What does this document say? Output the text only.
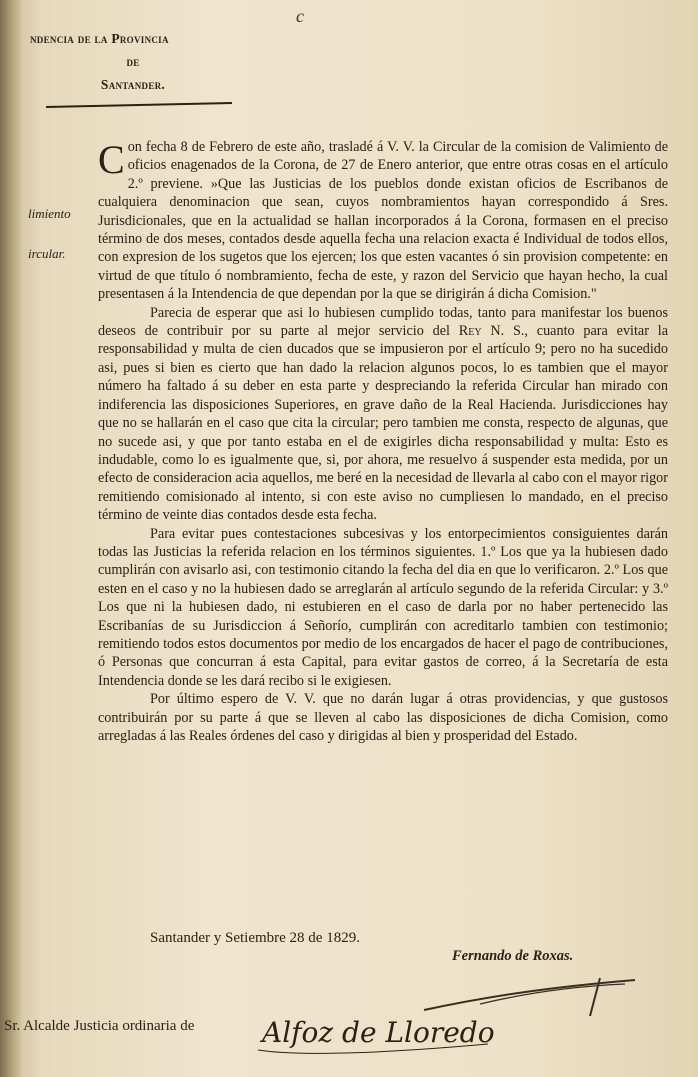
c
ndencia de la Provincia
de
Santander.
limiento
ircular.

Con fecha 8 de Febrero de este año, trasladé á V. V. la Circular de la comision de Valimiento de oficios enagenados de la Corona, de 27 de Enero anterior, que entre otras cosas en el artículo 2.º previene. »Que las Justicias de los pueblos donde existan oficios de Escribanos de cualquiera denominacion que sean, cuyos nombramientos hayan correspondido á Sres. Jurisdicionales, que en la actualidad se hallan incorporados á la Corona, formasen en el preciso término de dos meses, contados desde aquella fecha una relacion exacta é Individual de todos ellos, con expresion de los sugetos que los ejercen; los que esten vacantes ó sin provision competente: en virtud de que título ó nombramiento, fecha de este, y razon del Servicio que hayan hecho, la cual presentasen á la Intendencia de que dependan por la que se dirigirán á dicha Comision."

Parecia de esperar que asi lo hubiesen cumplido todas, tanto para manifestar los buenos deseos de contribuir por su parte al mejor servicio del Rey N. S., cuanto para evitar la responsabilidad y multa de cien ducados que se impusieron por el artículo 9; pero no ha sucedido asi, pues si bien es cierto que han dado la relacion algunos pocos, lo es tambien que el mayor número ha faltado á su deber en esta parte y despreciando la referida Circular han mirado con indiferencia las disposiciones Superiores, en grave daño de la Real Hacienda. Jurisdicciones hay que no se hallarán en el caso que cita la circular; pero tambien me consta, respecto de algunas, que no sucede asi, y que por tanto estaba en el de exigirles dicha responsabilidad y multa: Esto es indudable, como lo es igualmente que, si, por ahora, me resuelvo á suspender esta medida, por un efecto de consideracion acia aquellos, me beré en la necesidad de llevarla al cabo con el mayor rigor remitiendo comisionado al intento, si con este aviso no cumpliesen lo mandado, en el preciso término de veinte dias contados desde esta fecha.

Para evitar pues contestaciones subcesivas y los entorpecimientos consiguientes darán todas las Justicias la referida relacion en los términos siguientes. 1.º Los que ya la hubiesen dado cumplirán con avisarlo asi, con testimonio citando la fecha del dia en que lo verificaron. 2.º Los que esten en el caso y no la hubiesen dado se arreglarán al artículo segundo de la referida Circular: y 3.º Los que ni la hubiesen dado, ni estubieren en el caso de darla por no haber pertenecido las Escribanías de su Jurisdiccion á Señorío, cumplirán con acreditarlo tambien con testimonio; remitiendo todos estos documentos por medio de los encargados de hacer el pago de contribuciones, ó Personas que concurran á esta Capital, para evitar gastos de correo, á la Secretaría de esta Intendencia donde se les dará recibo si le exigiesen.

Por último espero de V. V. que no darán lugar á otras providencias, y que gustosos contribuirán por su parte á que se lleven al cabo las disposiciones de dicha Comision, como arregladas á las Reales órdenes del caso y dirigidas al bien y prosperidad del Estado.

Santander y Setiembre 28 de 1829.
Fernando de Roxas.
Sr. Alcalde Justicia ordinaria de Alfoz de Lloredo
